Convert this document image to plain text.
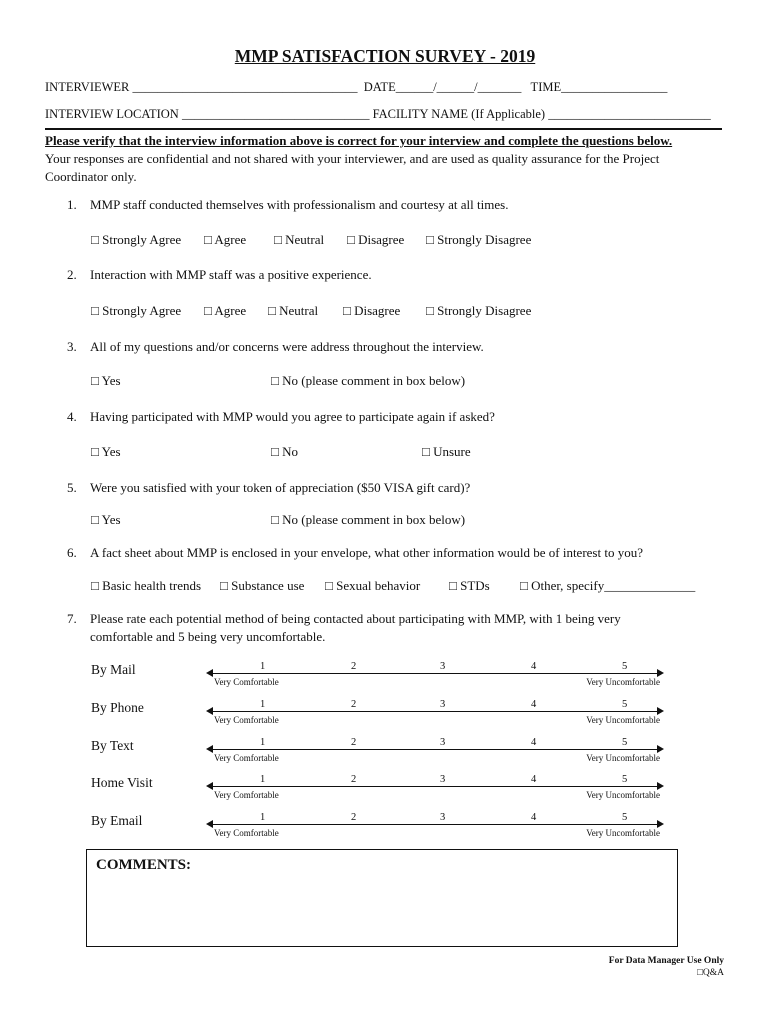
MMP SATISFACTION SURVEY - 2019
INTERVIEWER ____________________________________  DATE______/______/_______   TIME_________________
INTERVIEW LOCATION ______________________________ FACILITY NAME (If Applicable) __________________________
Please verify that the interview information above is correct for your interview and complete the questions below.
Your responses are confidential and not shared with your interviewer, and are used as quality assurance for the Project Coordinator only.
1. MMP staff conducted themselves with professionalism and courtesy at all times.
□ Strongly Agree □ Agree □ Neutral □ Disagree □ Strongly Disagree
2. Interaction with MMP staff was a positive experience.
□ Strongly Agree □ Agree □ Neutral □ Disagree □ Strongly Disagree
3. All of my questions and/or concerns were address throughout the interview.
□ Yes	□ No (please comment in box below)
4. Having participated with MMP would you agree to participate again if asked?
□ Yes	□ No	□ Unsure
5. Were you satisfied with your token of appreciation ($50 VISA gift card)?
□ Yes	□ No (please comment in box below)
6. A fact sheet about MMP is enclosed in your envelope, what other information would be of interest to you?
□ Basic health trends □ Substance use □ Sexual behavior □ STDs □ Other, specify______________
7. Please rate each potential method of being contacted about participating with MMP, with 1 being very comfortable and 5 being very uncomfortable.
By Mail	1	2	3	4	5
Very Comfortable	Very Uncomfortable
By Phone	1	2	3	4	5
Very Comfortable	Very Uncomfortable
By Text	1	2	3	4	5
Very Comfortable	Very Uncomfortable
Home Visit	1	2	3	4	5
Very Comfortable	Very Uncomfortable
By Email	1	2	3	4	5
Very Comfortable	Very Uncomfortable
COMMENTS:
For Data Manager Use Only
□Q&A
